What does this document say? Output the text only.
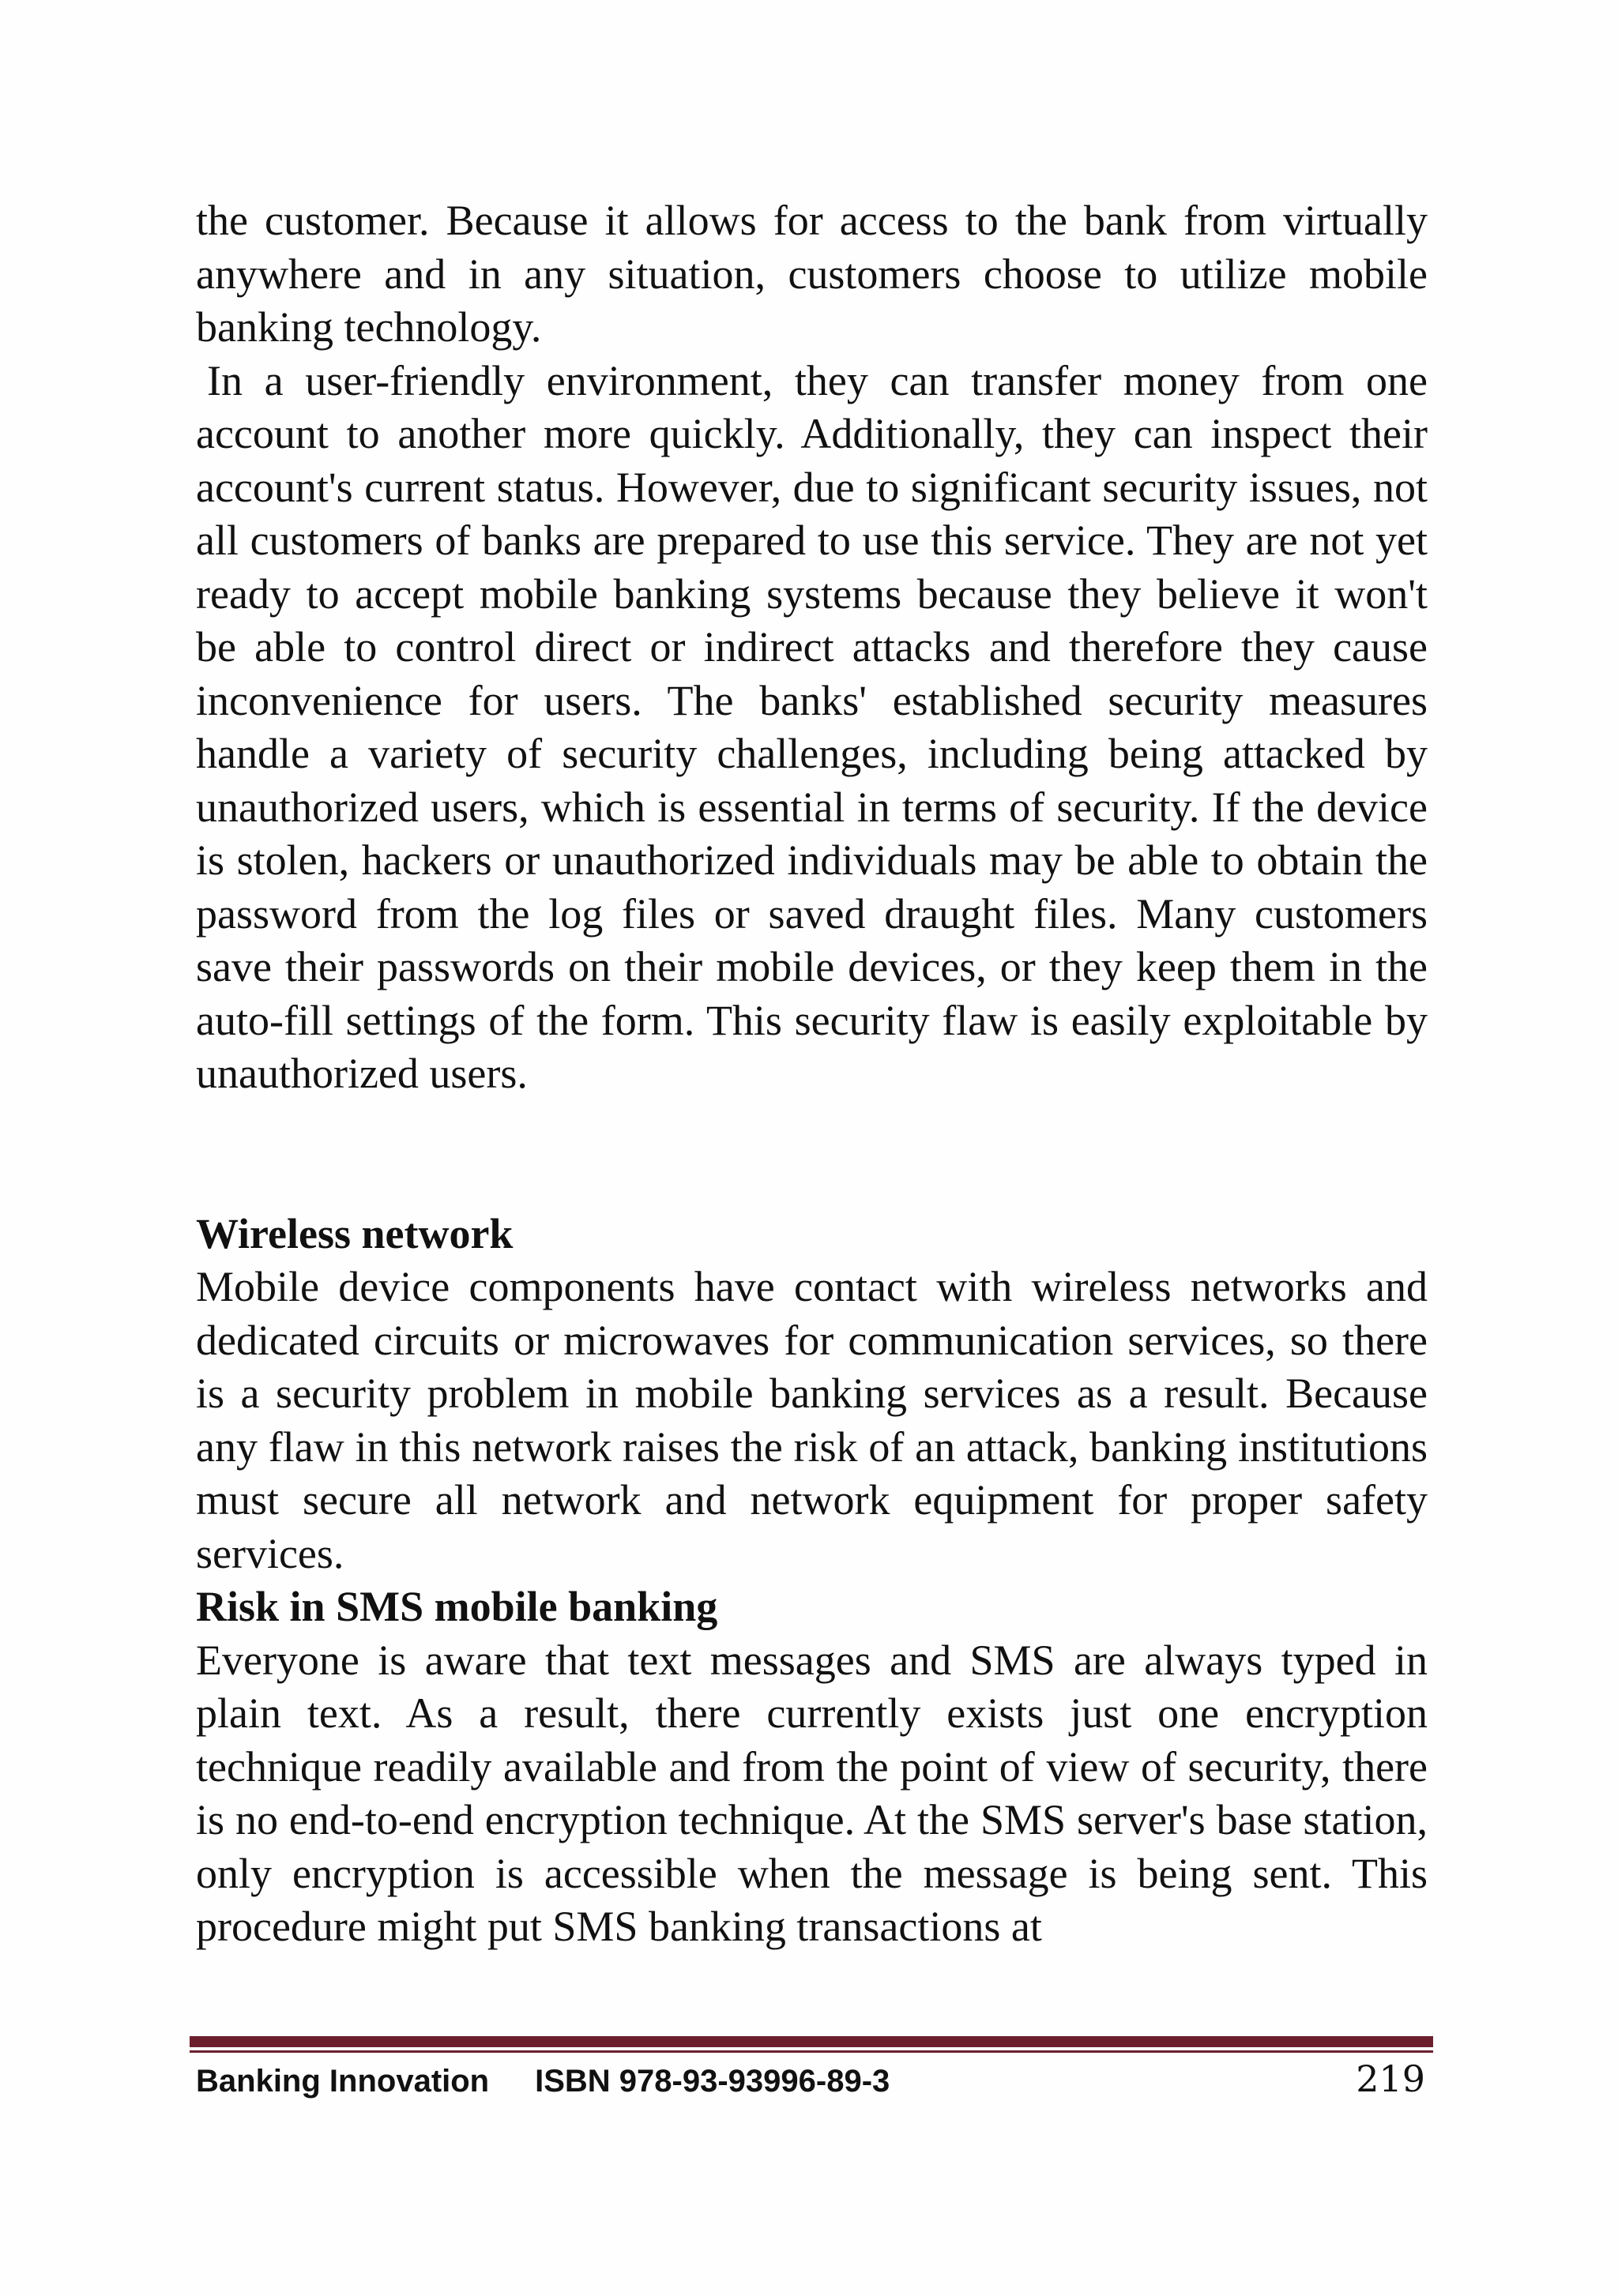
the customer. Because it allows for access to the bank from virtually anywhere and in any situation, customers choose to utilize mobile banking technology.

In a user-friendly environment, they can transfer money from one account to another more quickly. Additionally, they can inspect their account's current status. However, due to significant security issues, not all customers of banks are prepared to use this service. They are not yet ready to accept mobile banking systems because they believe it won't be able to control direct or indirect attacks and therefore they cause inconvenience for users. The banks' established security measures handle a variety of security challenges, including being attacked by unauthorized users, which is essential in terms of security. If the device is stolen, hackers or unauthorized individuals may be able to obtain the password from the log files or saved draught files. Many customers save their passwords on their mobile devices, or they keep them in the auto-fill settings of the form. This security flaw is easily exploitable by unauthorized users.

Wireless network

Mobile device components have contact with wireless networks and dedicated circuits or microwaves for communication services, so there is a security problem in mobile banking services as a result. Because any flaw in this network raises the risk of an attack, banking institutions must secure all network and network equipment for proper safety services.

Risk in SMS mobile banking

Everyone is aware that text messages and SMS are always typed in plain text. As a result, there currently exists just one encryption technique readily available and from the point of view of security, there is no end-to-end encryption technique. At the SMS server's base station, only encryption is accessible when the message is being sent. This procedure might put SMS banking transactions at

Banking Innovation ISBN 978-93-93996-89-3	219
